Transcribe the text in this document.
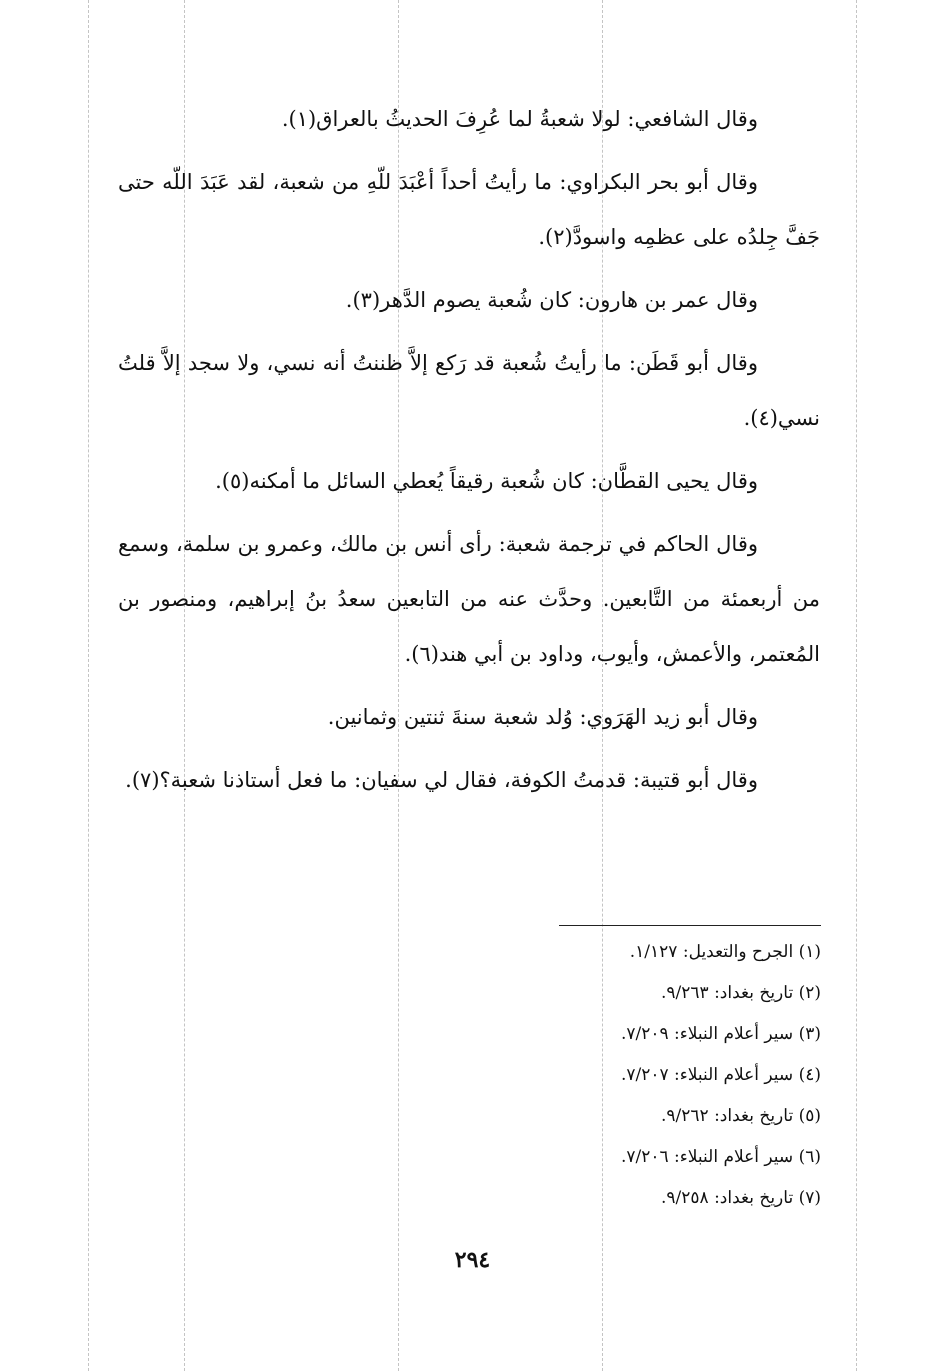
وقال الشافعي: لولا شعبةُ لما عُرِفَ الحديثُ بالعراق(١).

وقال أبو بحر البكراوي: ما رأيتُ أحداً أعْبَدَ للّهِ من شعبة، لقد عَبَدَ اللّه حتى جَفَّ جِلدُه على عظمِه واسودَّ(٢).

وقال عمر بن هارون: كان شُعبة يصوم الدَّهر(٣).

وقال أبو قَطَن: ما رأيتُ شُعبة قد رَكع إلاَّ ظننتُ أنه نسي، ولا سجد إلاَّ قلتُ نسي(٤).

وقال يحيى القطَّان: كان شُعبة رقيقاً يُعطي السائل ما أمكنه(٥).

وقال الحاكم في ترجمة شعبة: رأى أنس بن مالك، وعمرو بن سلمة، وسمع من أربعمئة من التَّابعين. وحدَّث عنه من التابعين سعدُ بنُ إبراهيم، ومنصور بن المُعتمر، والأعمش، وأيوب، وداود بن أبي هند(٦).

وقال أبو زيد الهَرَوي: وُلد شعبة سنةَ ثنتين وثمانين.

وقال أبو قتيبة: قدمتُ الكوفة، فقال لي سفيان: ما فعل أستاذنا شعبة؟(٧).

(١) الجرح والتعديل: ١/١٢٧.
(٢) تاريخ بغداد: ٩/٢٦٣.
(٣) سير أعلام النبلاء: ٧/٢٠٩.
(٤) سير أعلام النبلاء: ٧/٢٠٧.
(٥) تاريخ بغداد: ٩/٢٦٢.
(٦) سير أعلام النبلاء: ٧/٢٠٦.
(٧) تاريخ بغداد: ٩/٢٥٨.
٢٩٤
